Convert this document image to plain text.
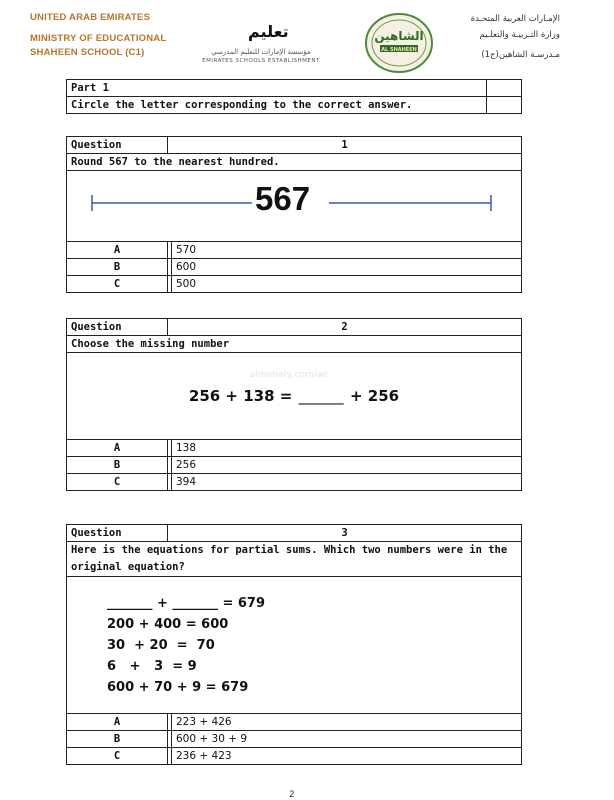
UNITED ARAB EMIRATES
MINISTRY OF EDUCATIONAL
SHAHEEN SCHOOL (C1)
الإمـارات العربية المتحـدة
وزارة التـربيـة والتعلـيم
مـدرسـة الشاهين(ح1)
تعليم
مؤسسة الإمارات للتعليم المدرسي
EMIRATES SCHOOLS ESTABLISHMENT
الشاهين
AL SHAHEEN
Part 1	
Circle the letter corresponding to the correct answer.	
Question	1	
Round 567 to the nearest hundred.		

567		

A		570
B		600
C		500
Question	2	
Choose the missing number		
256 + 138 = ______ + 256		
A		138
B		256
C		394
almanahj.com/ae
Question	3	
Here is the equations for partial sums. Which two numbers were in the original equation?		

_______ + _______ = 679
200 + 400 = 600
30  + 20  =  70
6   +   3  = 9
600 + 70 + 9 = 679		

A		223 + 426
B		600 + 30 + 9
C		236 + 423
2
